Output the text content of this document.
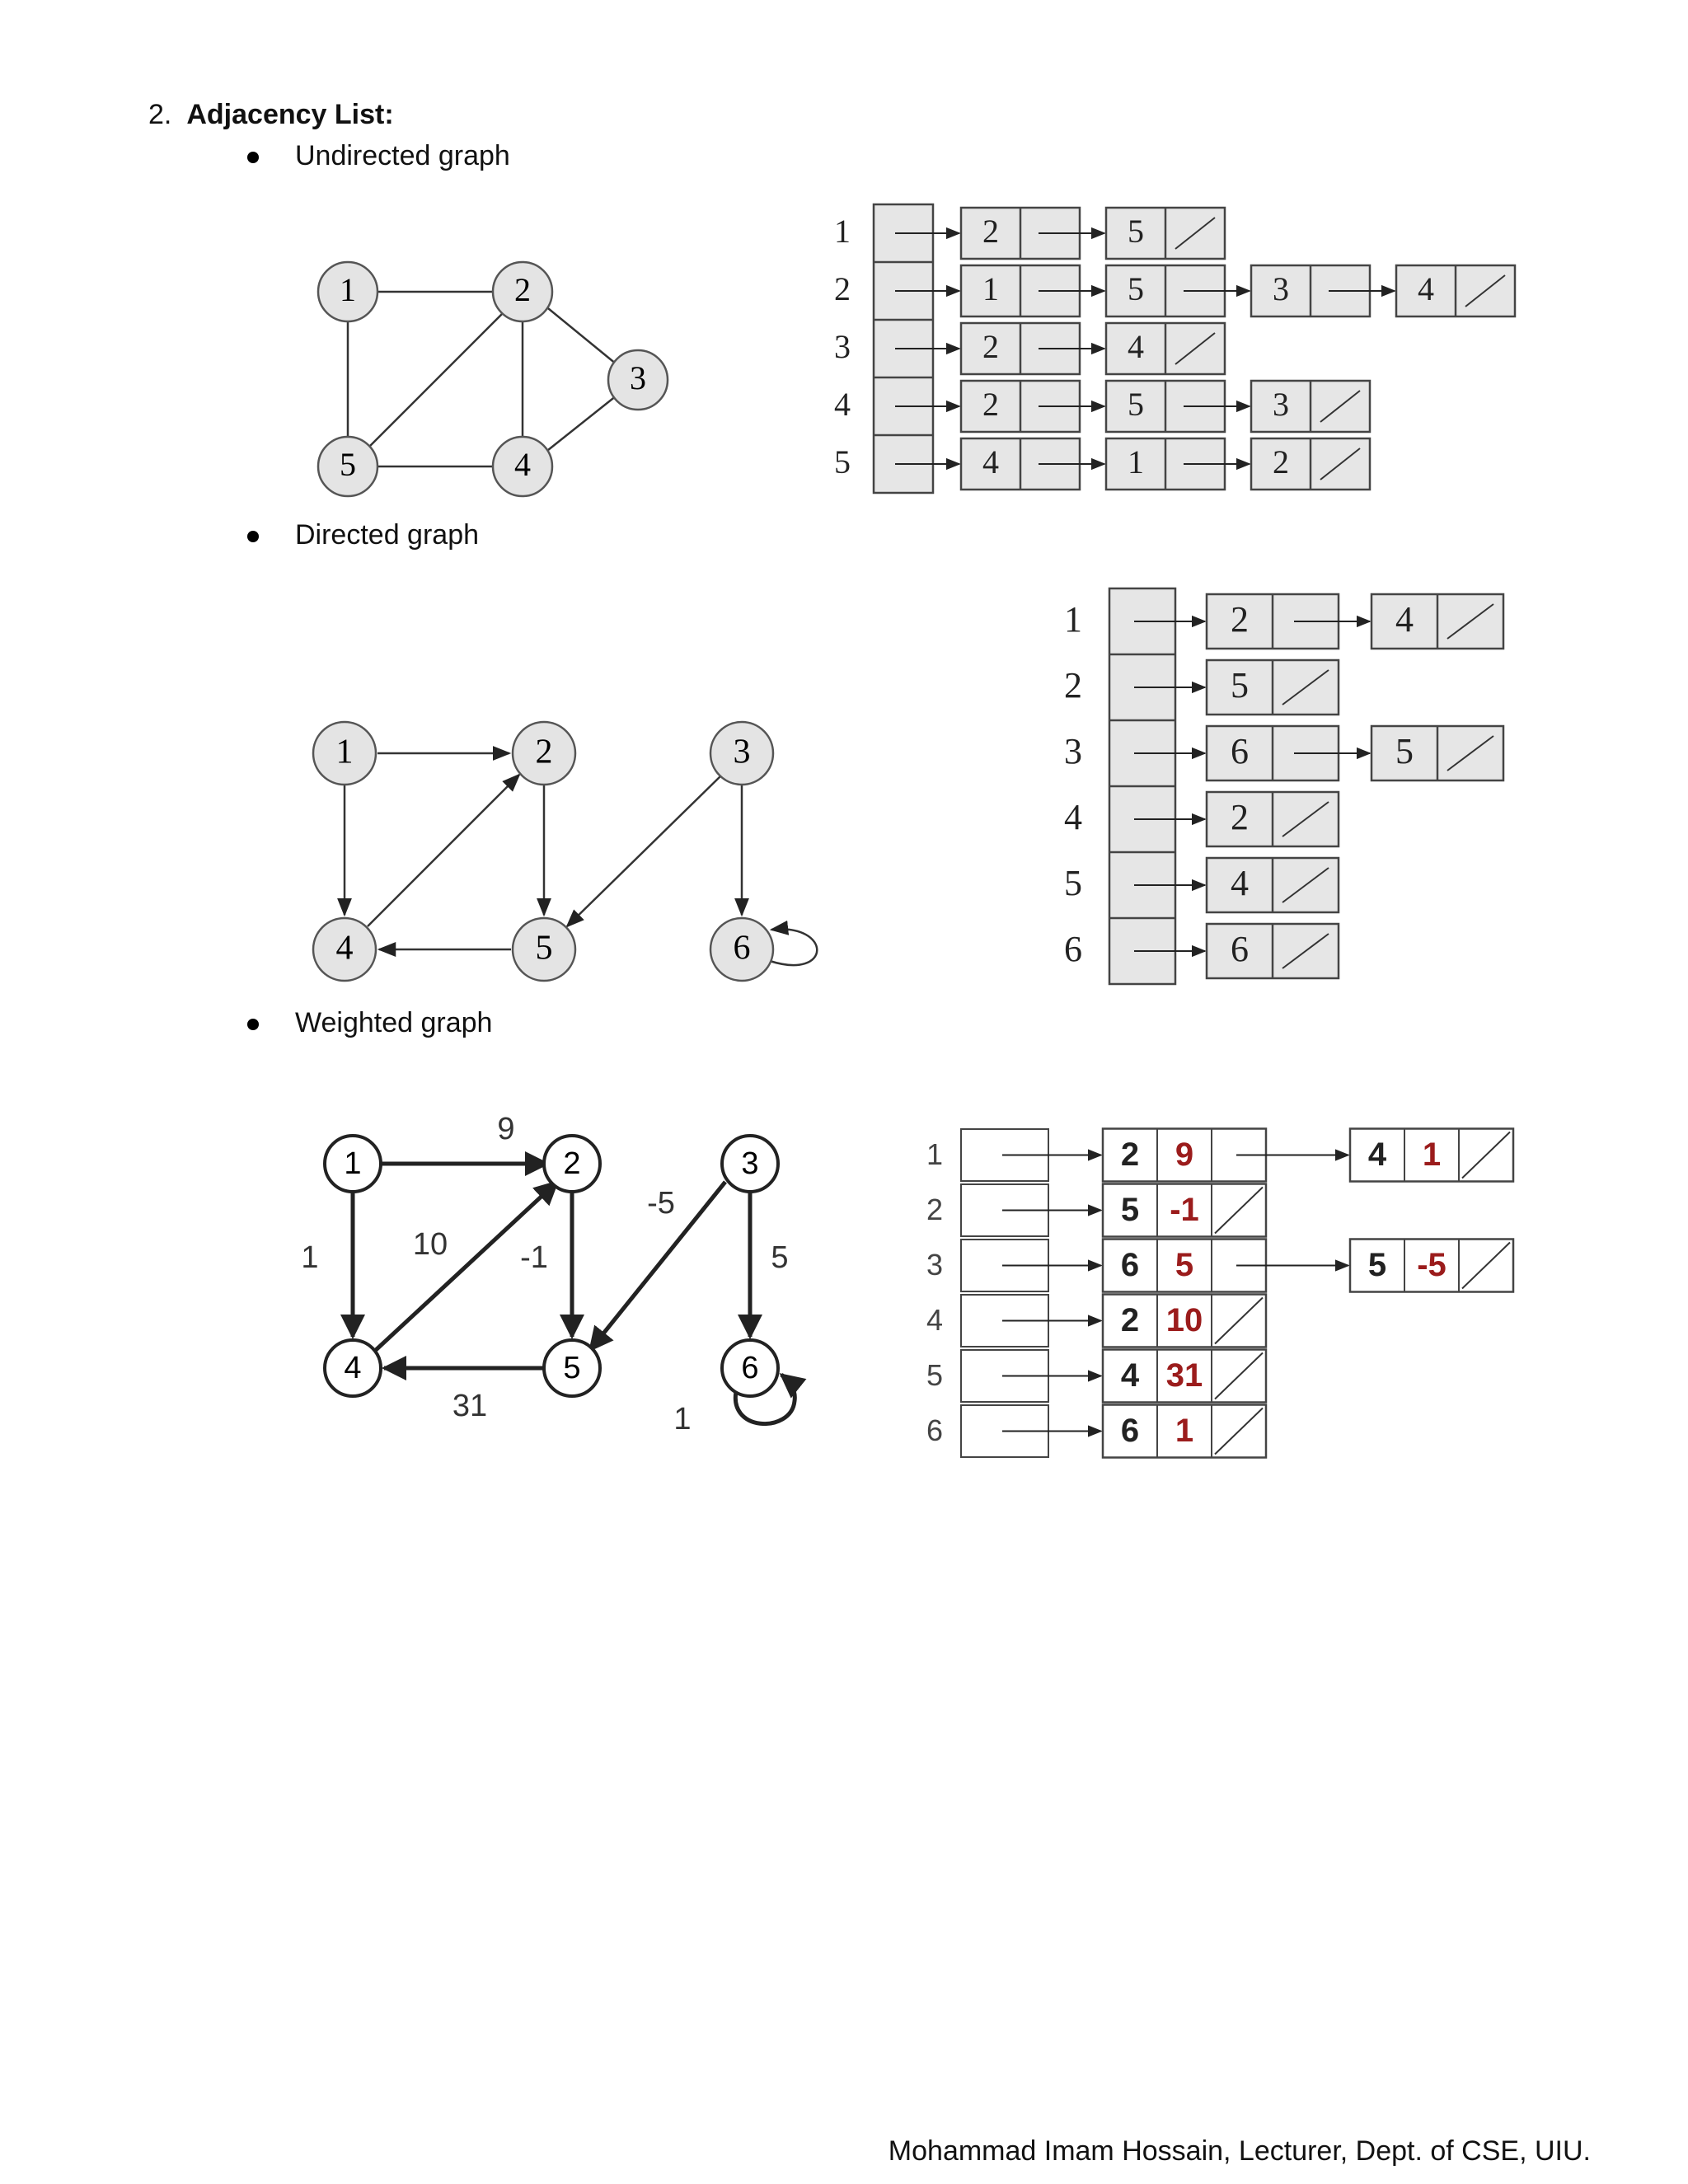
2. Adjacency List:
Undirected graph
Directed graph
Weighted graph
1	2
3
4
5
1	2	5
2	1	5	3	4
3	2	4
4	2	5	3
5	4	1	2
1	2	3
4	5	6
1	2	4
2	5
3	6	5
4	2
5	4
6	6
1	2	3
4	5	6
9
1	10 -1
31
-5
5
1
1	2 9	4 1
2	5 -1
3	6 5	5 -5
4	2 10
5	4 31
6	6 1
Mohammad Imam Hossain, Lecturer, Dept. of CSE, UIU.
